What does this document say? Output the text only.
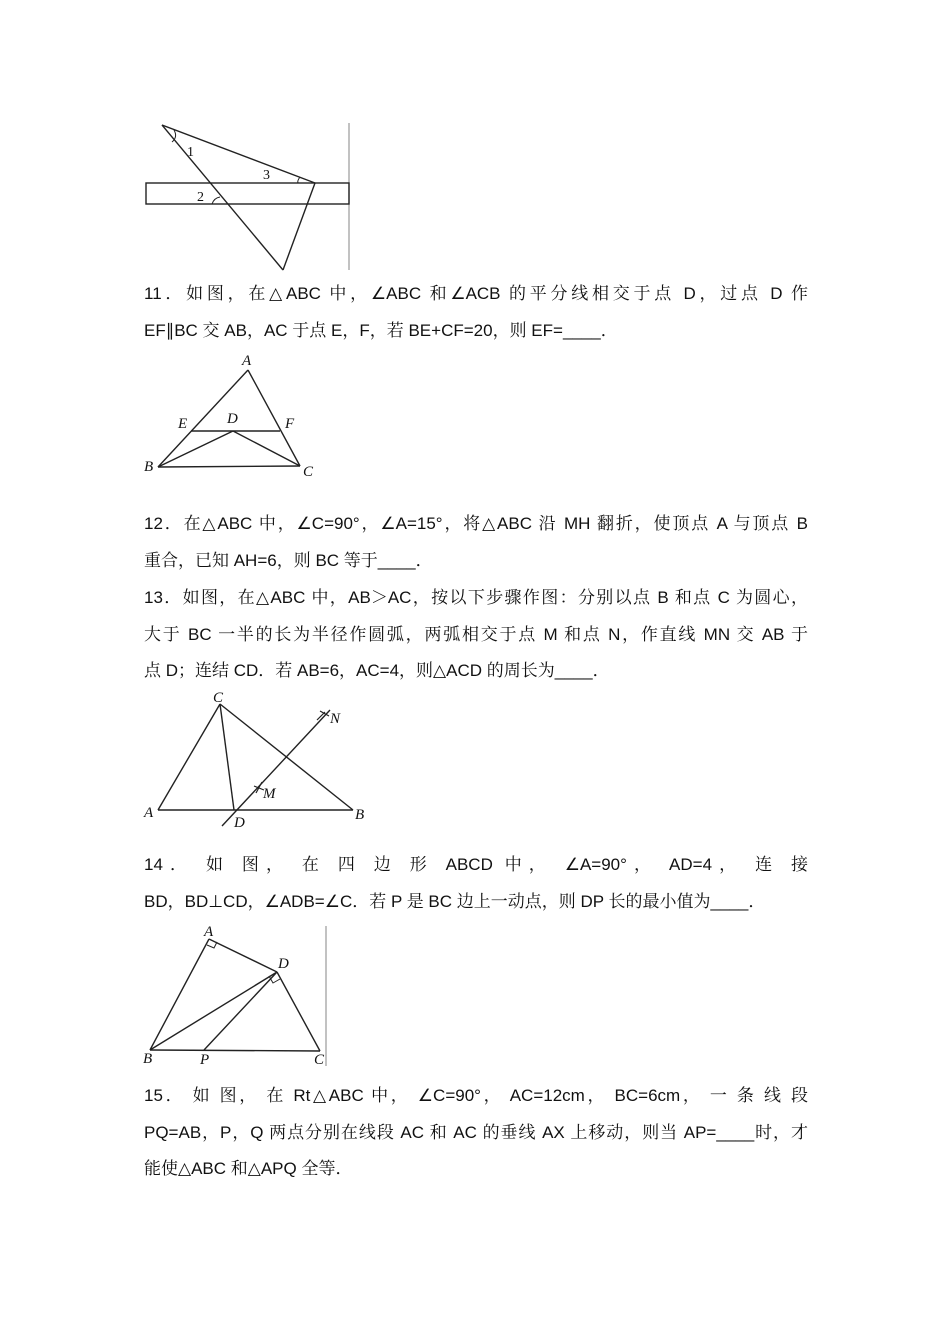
1
2
3

11．如图，在△ABC 中，∠ABC 和∠ACB 的平分线相交于点 D，过点 D 作

EF∥BC 交 AB，AC 于点 E，F，若 BE+CF=20，则 EF=____．

A
B	C
D
E	F

12．在△ABC 中，∠C=90°，∠A=15°，将△ABC 沿 MH 翻折，使顶点 A 与顶点 B

重合，已知 AH=6，则 BC 等于____．

13．如图，在△ABC 中，AB＞AC，按以下步骤作图：分别以点 B 和点 C 为圆心，

大于 BC 一半的长为半径作圆弧，两弧相交于点 M 和点 N，作直线 MN 交 AB 于

点 D；连结 CD．若 AB=6，AC=4，则△ACD 的周长为____．

A	B
C
D
M
N

14． 如 图， 在 四 边 形 ABCD 中， ∠A=90°， AD=4， 连 接

BD，BD⊥CD，∠ADB=∠C．若 P 是 BC 边上一动点，则 DP 长的最小值为____．

A
B	C
D
P

15． 如 图， 在 Rt△ABC 中， ∠C=90°， AC=12cm， BC=6cm， 一 条 线 段

PQ=AB，P，Q 两点分别在线段 AC 和 AC 的垂线 AX 上移动，则当 AP=____时，才

能使△ABC 和△APQ 全等．
